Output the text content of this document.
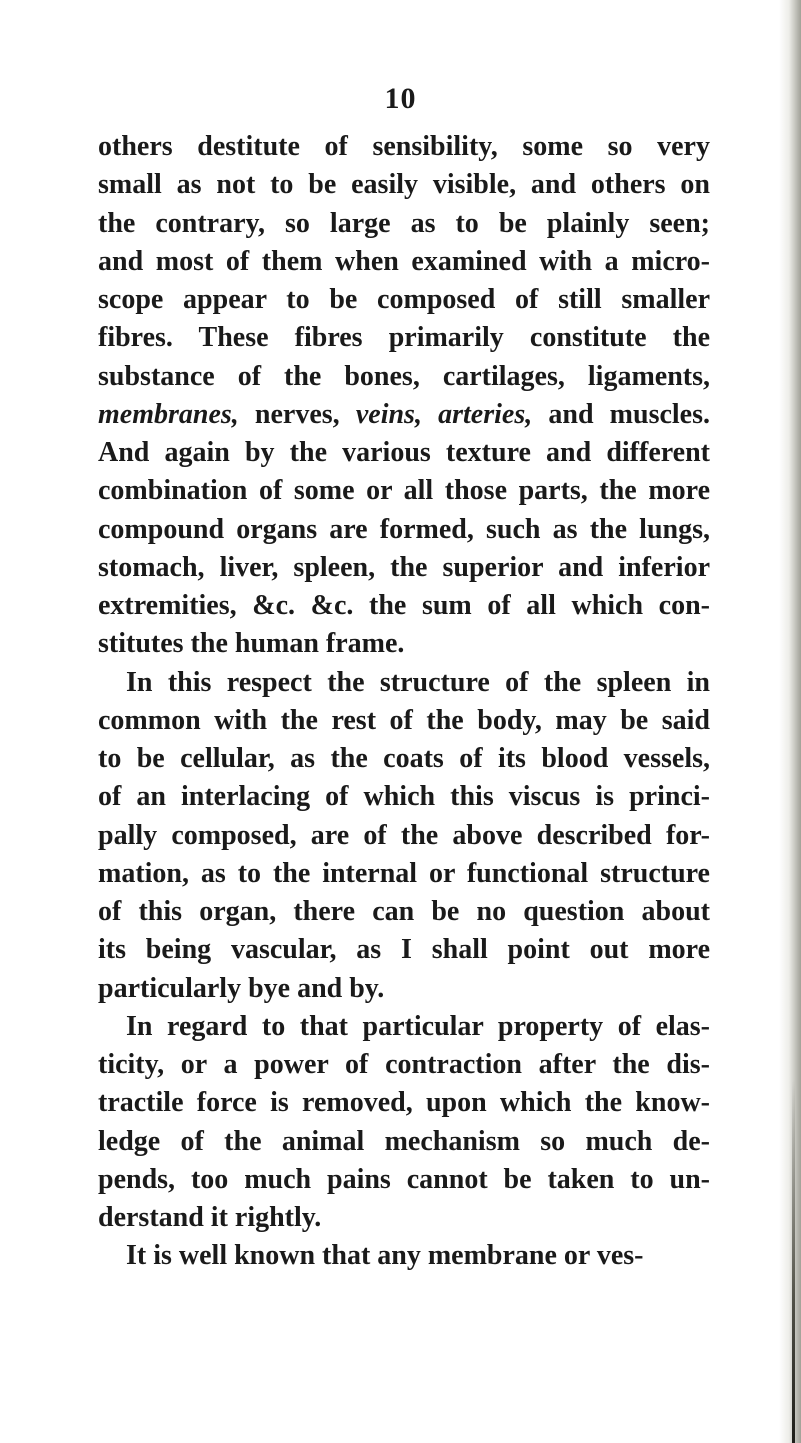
10
others destitute of sensibility, some so very
small as not to be easily visible, and others on
the contrary, so large as to be plainly seen;
and most of them when examined with a micro-
scope appear to be composed of still smaller
fibres. These fibres primarily constitute the
substance of the bones, cartilages, ligaments,
membranes, nerves, veins, arteries, and muscles.
And again by the various texture and different
combination of some or all those parts, the more
compound organs are formed, such as the lungs,
stomach, liver, spleen, the superior and inferior
extremities, &c. &c. the sum of all which con-
stitutes the human frame.
In this respect the structure of the spleen in
common with the rest of the body, may be said
to be cellular, as the coats of its blood vessels,
of an interlacing of which this viscus is princi-
pally composed, are of the above described for-
mation, as to the internal or functional structure
of this organ, there can be no question about
its being vascular, as I shall point out more
particularly bye and by.
In regard to that particular property of elas-
ticity, or a power of contraction after the dis-
tractile force is removed, upon which the know-
ledge of the animal mechanism so much de-
pends, too much pains cannot be taken to un-
derstand it rightly.
It is well known that any membrane or ves-
